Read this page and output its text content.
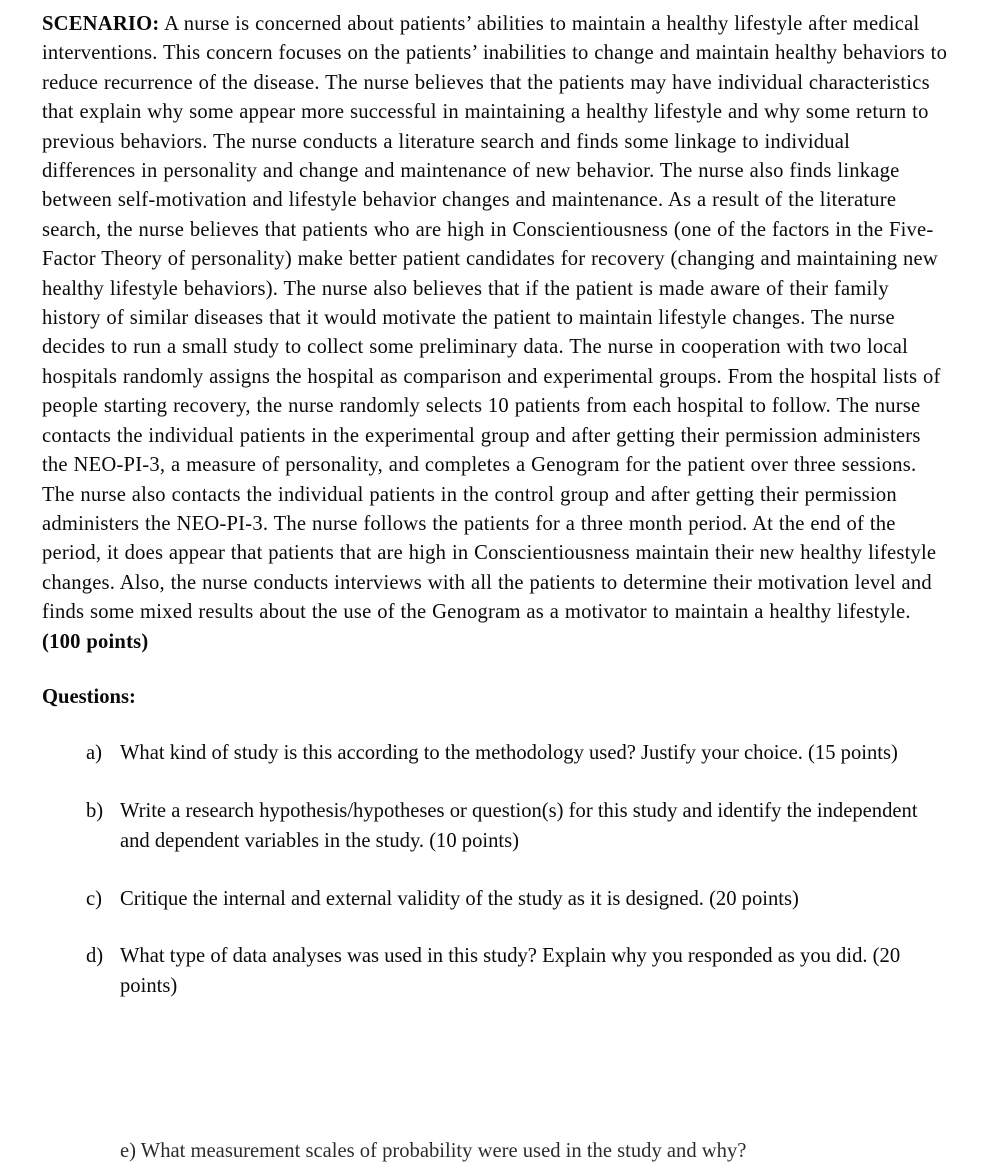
SCENARIO: A nurse is concerned about patients’ abilities to maintain a healthy lifestyle after medical interventions. This concern focuses on the patients’ inabilities to change and maintain healthy behaviors to reduce recurrence of the disease. The nurse believes that the patients may have individual characteristics that explain why some appear more successful in maintaining a healthy lifestyle and why some return to previous behaviors. The nurse conducts a literature search and finds some linkage to individual differences in personality and change and maintenance of new behavior. The nurse also finds linkage between self-motivation and lifestyle behavior changes and maintenance. As a result of the literature search, the nurse believes that patients who are high in Conscientiousness (one of the factors in the Five-Factor Theory of personality) make better patient candidates for recovery (changing and maintaining new healthy lifestyle behaviors). The nurse also believes that if the patient is made aware of their family history of similar diseases that it would motivate the patient to maintain lifestyle changes. The nurse decides to run a small study to collect some preliminary data. The nurse in cooperation with two local hospitals randomly assigns the hospital as comparison and experimental groups. From the hospital lists of people starting recovery, the nurse randomly selects 10 patients from each hospital to follow. The nurse contacts the individual patients in the experimental group and after getting their permission administers the NEO-PI-3, a measure of personality, and completes a Genogram for the patient over three sessions. The nurse also contacts the individual patients in the control group and after getting their permission administers the NEO-PI-3. The nurse follows the patients for a three month period. At the end of the period, it does appear that patients that are high in Conscientiousness maintain their new healthy lifestyle changes. Also, the nurse conducts interviews with all the patients to determine their motivation level and finds some mixed results about the use of the Genogram as a motivator to maintain a healthy lifestyle. (100 points)

Questions:

a) What kind of study is this according to the methodology used? Justify your choice. (15 points)
b) Write a research hypothesis/hypotheses or question(s) for this study and identify the independent and dependent variables in the study. (10 points)
c) Critique the internal and external validity of the study as it is designed. (20 points)
d) What type of data analyses was used in this study? Explain why you responded as you did. (20 points)
e) What measurement scales of probability were used in the study and why?
